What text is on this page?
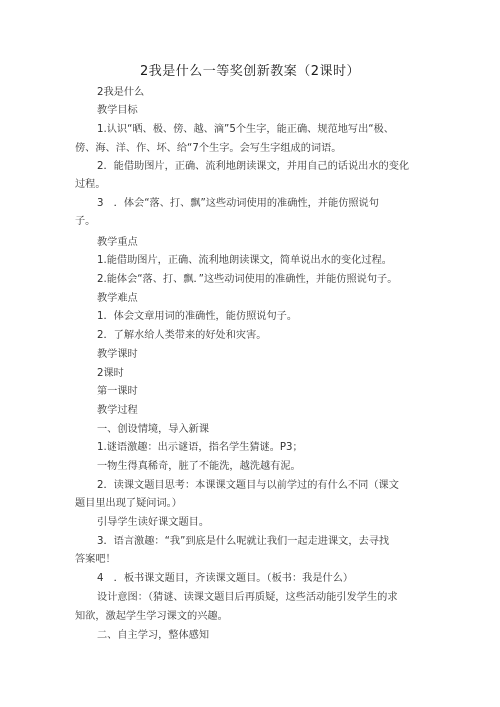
2我是什么一等奖创新教案（2课时）
2我是什么
教学目标
1.认识“晒、极、傍、越、滴”5个生字，能正确、规范地写出“极、
傍、海、洋、作、坏、给“7个生字。会写生字组成的词语。
2．能借助图片，正确、流利地朗读课文，并用自己的话说出水的变化
过程。
3　．体会“落、打、飘”这些动词使用的准确性，并能仿照说句
子。
教学重点
1.能借助图片，正确、流利地朗读课文，简单说出水的变化过程。
2.能体会“落、打、飘．”这些动词使用的准确性，并能仿照说句子。
教学难点
1．体会文章用词的准确性，能仿照说句子。
2．了解水给人类带来的好处和灾害。
教学课时
2课时
第一课时
教学过程
一、创设情境，导入新课
1.谜语激趣：出示谜语，指名学生猜谜。P3；
一物生得真稀奇，脏了不能洗，越洗越有泥。
2．读课文题目思考：本课课文题目与以前学过的有什么不同（课文
题目里出现了疑问词。）
引导学生读好课文题目。
3．语言激趣：“我”到底是什么呢就让我们一起走进课文，去寻找
答案吧！
4　．板书课文题目，齐读课文题目。（板书：我是什么）
设计意图：（猜谜、读课文题目后再质疑，这些活动能引发学生的求
知欲，激起学生学习课文的兴趣。
二、自主学习，整体感知
